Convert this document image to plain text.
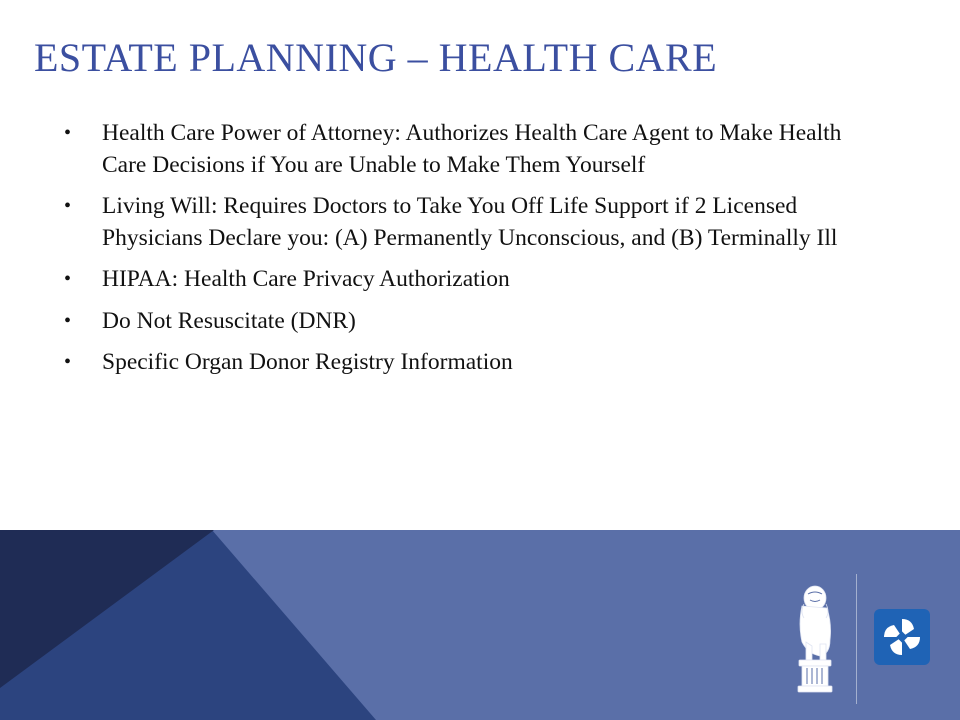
ESTATE PLANNING – HEALTH CARE
• Health Care Power of Attorney: Authorizes Health Care Agent to Make Health Care Decisions if You are Unable to Make Them Yourself
• Living Will: Requires Doctors to Take You Off Life Support if 2 Licensed Physicians Declare you: (A) Permanently Unconscious, and (B) Terminally Ill
• HIPAA: Health Care Privacy Authorization
• Do Not Resuscitate (DNR)
• Specific Organ Donor Registry Information
